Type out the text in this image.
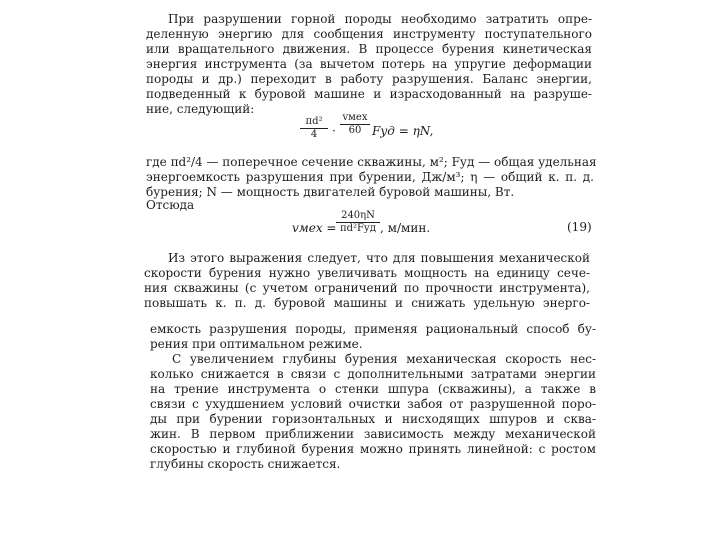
При разрушении горной породы необходимо затратить опре-
деленную энергию для сообщения инструменту поступательного
или вращательного движения. В процессе бурения кинетическая
энергия инструмента (за вычетом потерь на упругие деформации
породы и др.) переходит в работу разрушения. Баланс энергии,
подведенный к буровой машине и израсходованный на разруше-
ние, следующий:
$\frac{\text{πd²}}{4}$ ·
vмех
60 Fуд = ηN,
где πd²/4 — поперечное сечение скважины, м²; Fуд — общая удельная
энергоемкость разрушения при бурении, Дж/м³; η — общий к. п. д.
бурения; N — мощность двигателей буровой машины, Вт.
Отсюда
vмех =
240ηN
πd²Fуд , м/мин.	(19)
Из этого выражения следует, что для повышения механической
скорости бурения нужно увеличивать мощность на единицу сече-
ния скважины (с учетом ограничений по прочности инструмента),
повышать к. п. д. буровой машины и снижать удельную энерго-
емкость разрушения породы, применяя рациональный способ бу-
рения при оптимальном режиме.
С увеличением глубины бурения механическая скорость нес-
колько снижается в связи с дополнительными затратами энергии
на трение инструмента о стенки шпура (скважины), а также в
связи с ухудшением условий очистки забоя от разрушенной поро-
ды при бурении горизонтальных и нисходящих шпуров и сква-
жин. В первом приближении зависимость между механической
скоростью и глубиной бурения можно принять линейной: с ростом
глубины скорость снижается.
